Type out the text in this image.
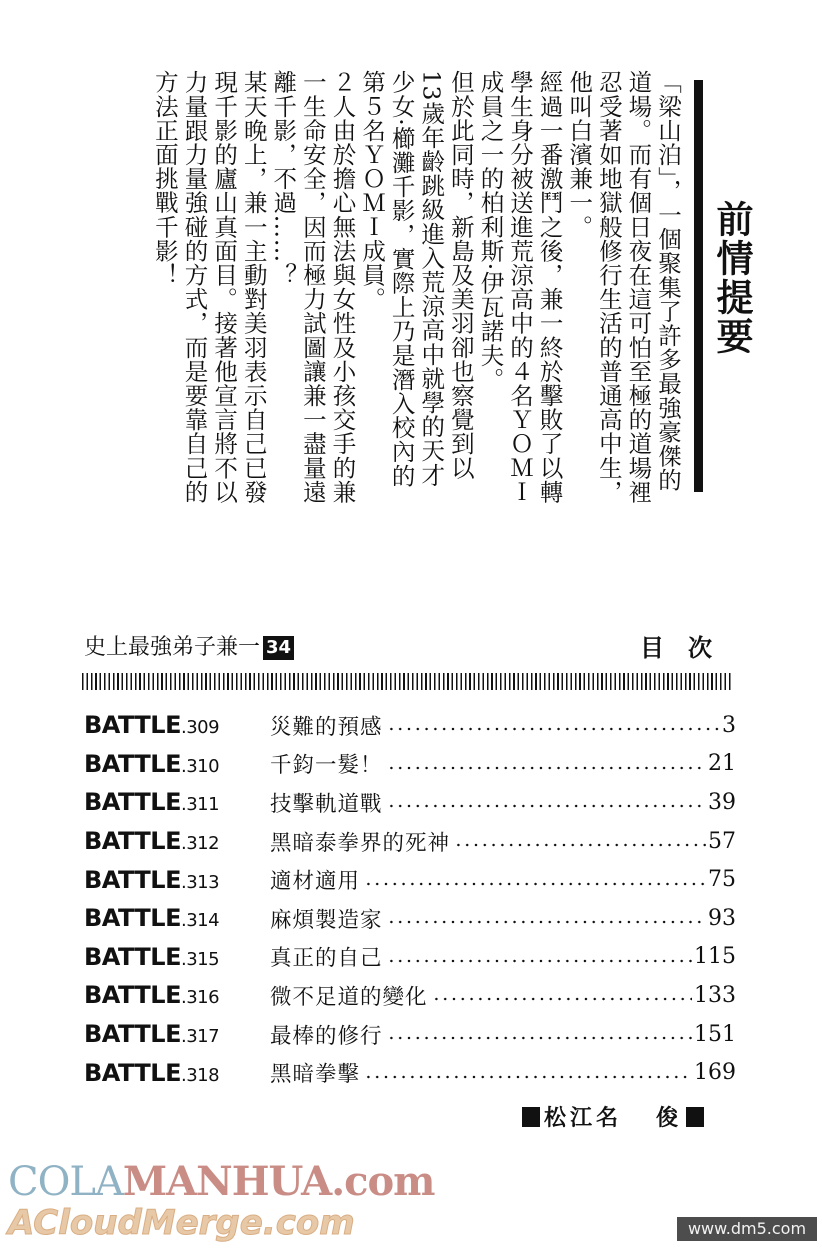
前情提要

「梁山泊」，一個聚集了許多最強豪傑的道場。而有個日夜在這可怕至極的道場裡忍受著如地獄般修行生活的普通高中生，他叫白濱兼一。

經過一番激鬥之後，兼一終於擊敗了以轉學生身分被送進荒涼高中的４名ＹＯＭＩ成員之一的柏利斯·伊瓦諾夫。

但於此同時，新島及美羽卻也察覺到以13歲年齡跳級進入荒涼高中就學的天才少女·櫛灘千影，實際上乃是潛入校內的第５名ＹＯＭＩ成員。

２人由於擔心無法與女性及小孩交手的兼一生命安全，因而極力試圖讓兼一盡量遠離千影，不過……？

某天晚上，兼一主動對美羽表示自己已發現千影的廬山真面目。接著他宣言將不以力量跟力量強碰的方式，而是要靠自己的方法正面挑戰千影！

史上最強弟子兼一 34	目次
BATTLE.309	災難的預感	3
BATTLE.310	千鈞一髮！	21
BATTLE.311	技擊軌道戰	39
BATTLE.312	黑暗泰拳界的死神	57
BATTLE.313	適材適用	75
BATTLE.314	麻煩製造家	93
BATTLE.315	真正的自己	115
BATTLE.316	微不足道的變化	133
BATTLE.317	最棒的修行	151
BATTLE.318	黑暗拳擊	169
松江名 俊
COLAMANHUA.com
ACloudMerge.com	www.dm5.com
